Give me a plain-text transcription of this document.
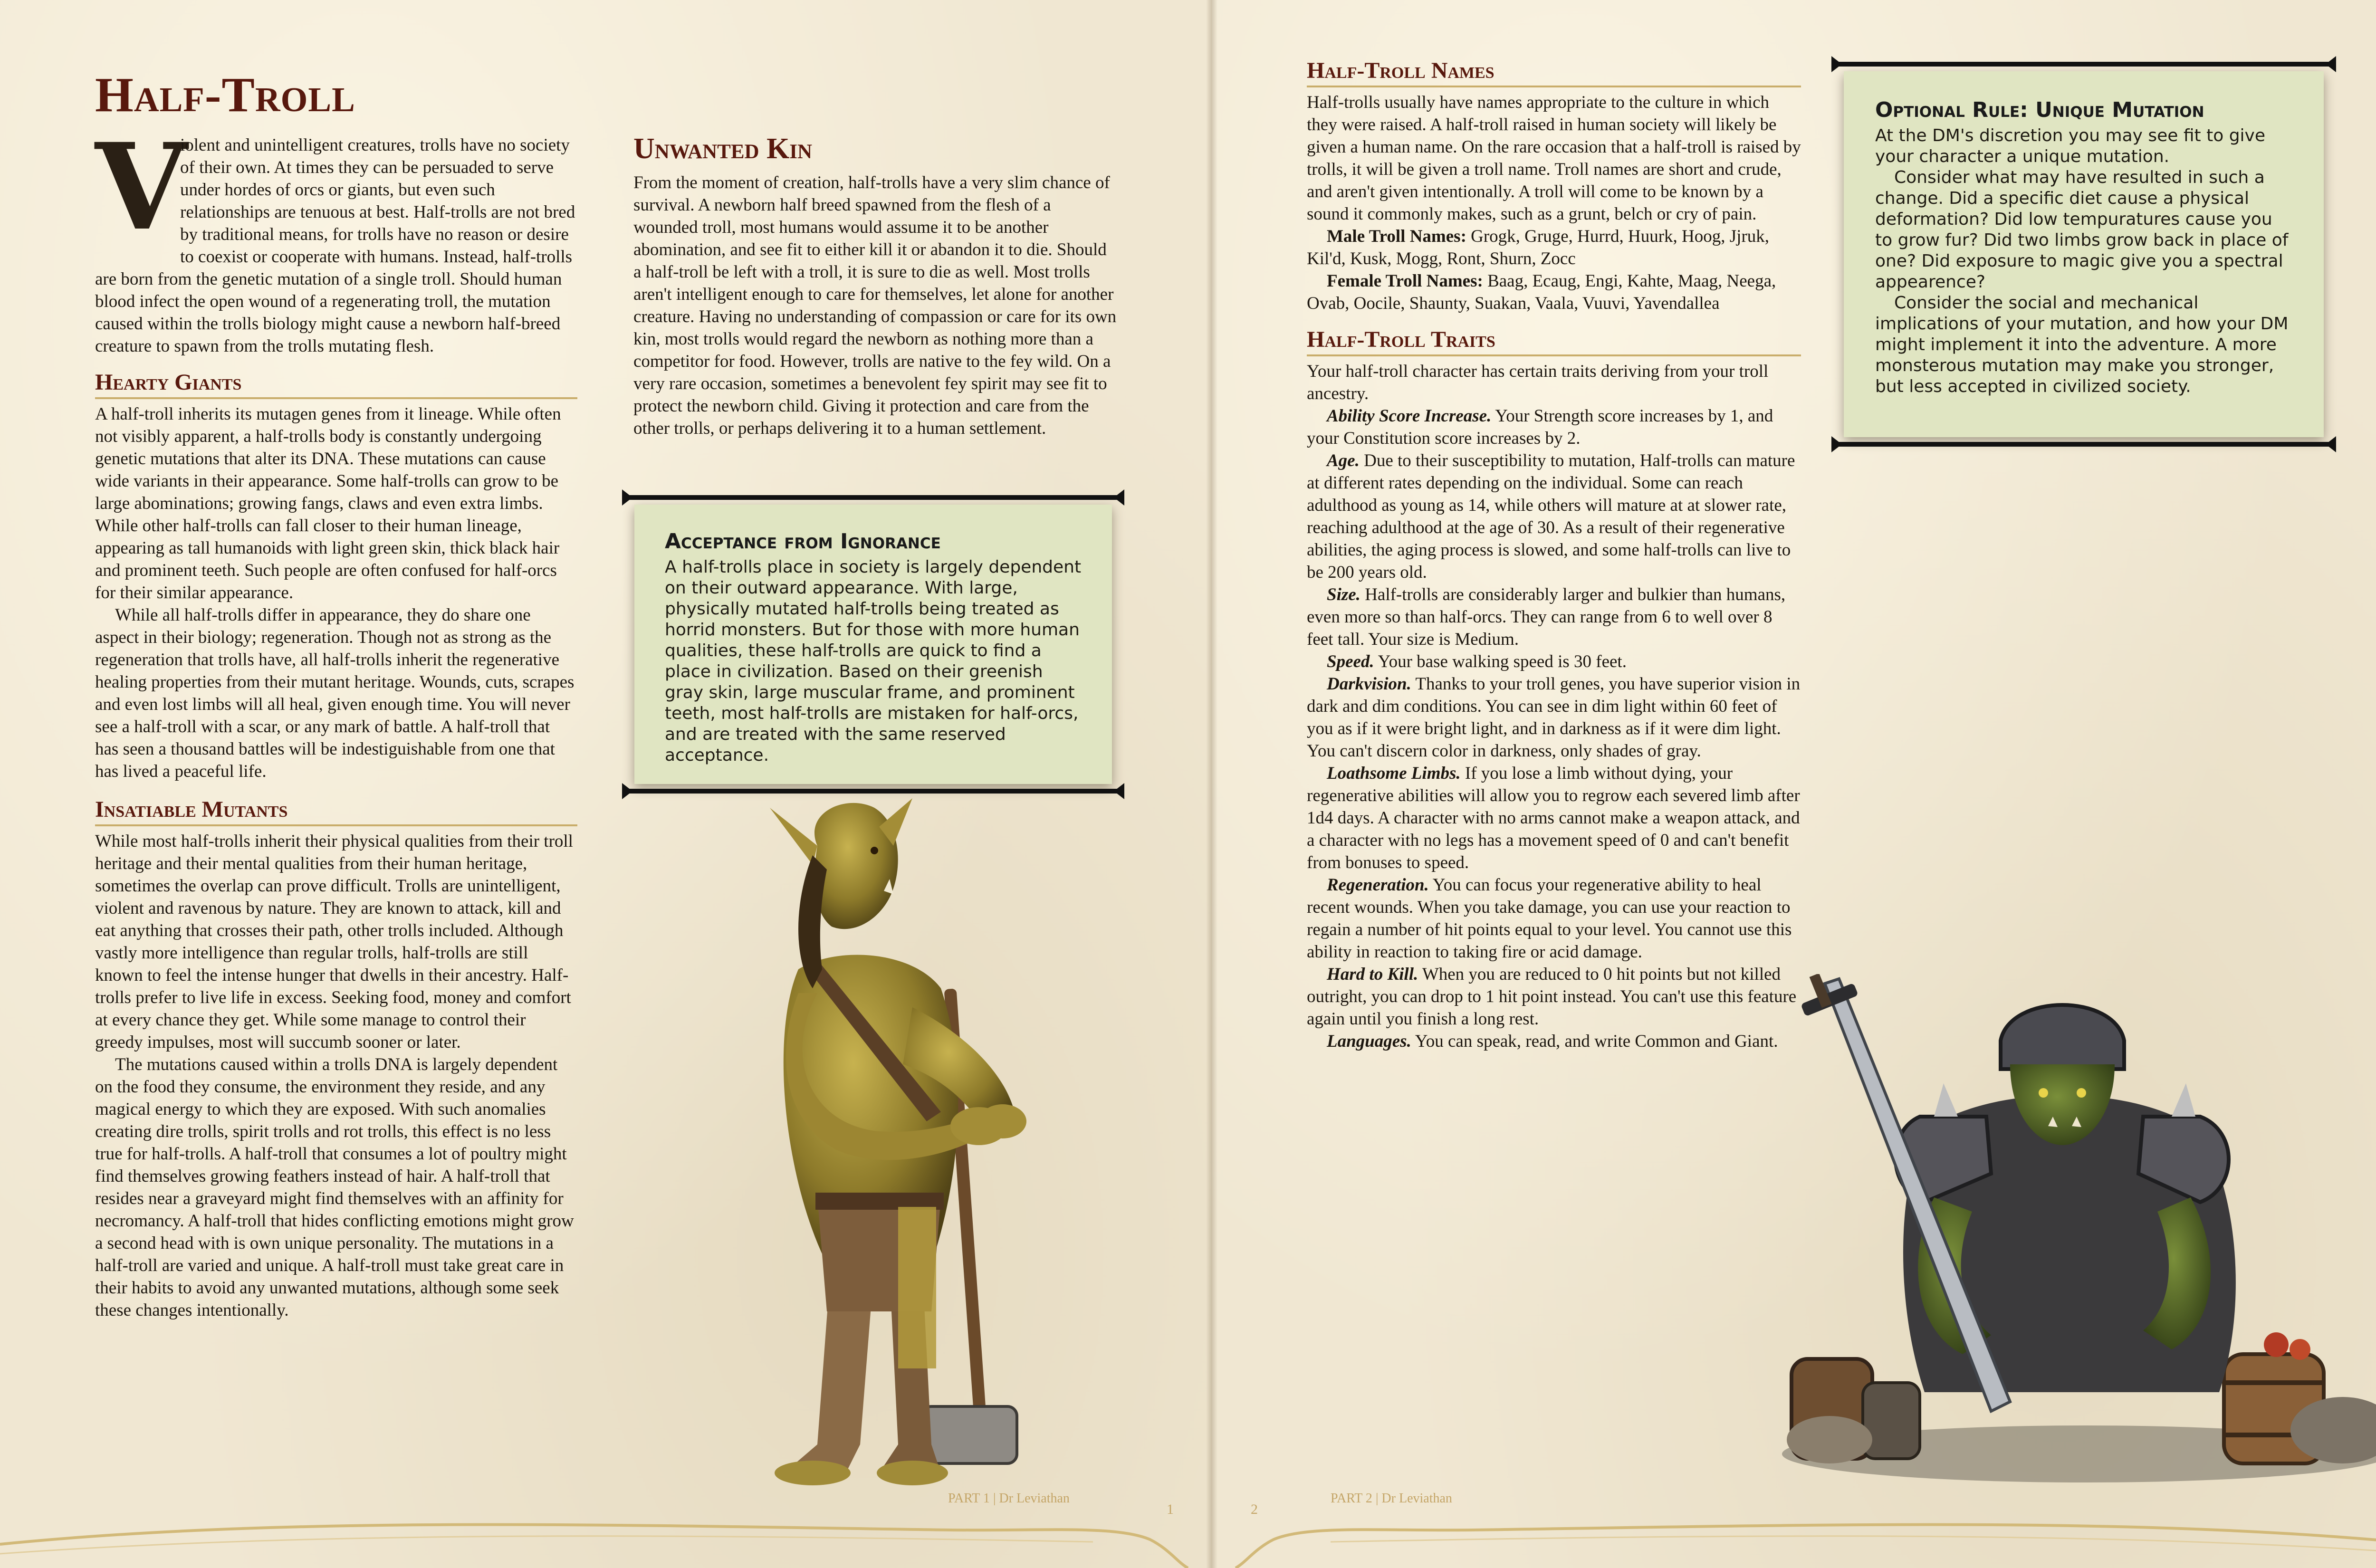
Half-Troll

V
iolent and unintelligent creatures, trolls have no society of their own. At times they can be persuaded to serve under hordes of orcs or giants, but even such relationships are tenuous at best. Half-trolls are not bred by traditional means, for trolls have no reason or desire to coexist or cooperate with humans. Instead, half-trolls are born from the genetic mutation of a single troll. Should human blood infect the open wound of a regenerating troll, the mutation caused within the trolls biology might cause a newborn half-breed creature to spawn from the trolls mutating flesh.

Hearty Giants

A half-troll inherits its mutagen genes from it lineage. While often not visibly apparent, a half-trolls body is constantly undergoing genetic mutations that alter its DNA. These mutations can cause wide variants in their appearance. Some half-trolls can grow to be large abominations; growing fangs, claws and even extra limbs. While other half-trolls can fall closer to their human lineage, appearing as tall humanoids with light green skin, thick black hair and prominent teeth. Such people are often confused for half-orcs for their similar appearance.

While all half-trolls differ in appearance, they do share one aspect in their biology; regeneration. Though not as strong as the regeneration that trolls have, all half-trolls inherit the regenerative healing properties from their mutant heritage. Wounds, cuts, scrapes and even lost limbs will all heal, given enough time. You will never see a half-troll with a scar, or any mark of battle. A half-troll that has seen a thousand battles will be indestiguishable from one that has lived a peaceful life.

Insatiable Mutants

While most half-trolls inherit their physical qualities from their troll heritage and their mental qualities from their human heritage, sometimes the overlap can prove difficult. Trolls are unintelligent, violent and ravenous by nature. They are known to attack, kill and eat anything that crosses their path, other trolls included. Although vastly more intelligence than regular trolls, half-trolls are still known to feel the intense hunger that dwells in their ancestry. Half-trolls prefer to live life in excess. Seeking food, money and comfort at every chance they get. While some manage to control their greedy impulses, most will succumb sooner or later.

The mutations caused within a trolls DNA is largely dependent on the food they consume, the environment they reside, and any magical energy to which they are exposed. With such anomalies creating dire trolls, spirit trolls and rot trolls, this effect is no less true for half-trolls. A half-troll that consumes a lot of poultry might find themselves growing feathers instead of hair. A half-troll that resides near a graveyard might find themselves with an affinity for necromancy. A half-troll that hides conflicting emotions might grow a second head with is own unique personality. The mutations in a half-troll are varied and unique. A half-troll must take great care in their habits to avoid any unwanted mutations, although some seek these changes intentionally.

Unwanted Kin

From the moment of creation, half-trolls have a very slim chance of survival. A newborn half breed spawned from the flesh of a wounded troll, most humans would assume it to be another abomination, and see fit to either kill it or abandon it to die. Should a half-troll be left with a troll, it is sure to die as well. Most trolls aren't intelligent enough to care for themselves, let alone for another creature. Having no understanding of compassion or care for its own kin, most trolls would regard the newborn as nothing more than a competitor for food. However, trolls are native to the fey wild. On a very rare occasion, sometimes a benevolent fey spirit may see fit to protect the newborn child. Giving it protection and care from the other trolls, or perhaps delivering it to a human settlement.

Acceptance from Ignorance

A half-trolls place in society is largely dependent on their outward appearance. With large, physically mutated half-trolls being treated as horrid monsters. But for those with more human qualities, these half-trolls are quick to find a place in civilization. Based on their greenish gray skin, large muscular frame, and prominent teeth, most half-trolls are mistaken for half-orcs, and are treated with the same reserved acceptance.

PART 1 | Dr Leviathan
1
Half-Troll Names

Half-trolls usually have names appropriate to the culture in which they were raised. A half-troll raised in human society will likely be given a human name. On the rare occasion that a half-troll is raised by trolls, it will be given a troll name. Troll names are short and crude, and aren't given intentionally. A troll will come to be known by a sound it commonly makes, such as a grunt, belch or cry of pain.

Male Troll Names: Grogk, Gruge, Hurrd, Huurk, Hoog, Jjruk, Kil'd, Kusk, Mogg, Ront, Shurn, Zocc

Female Troll Names: Baag, Ecaug, Engi, Kahte, Maag, Neega, Ovab, Oocile, Shaunty, Suakan, Vaala, Vuuvi, Yavendallea

Half-Troll Traits

Your half-troll character has certain traits deriving from your troll ancestry.

Ability Score Increase. Your Strength score increases by 1, and your Constitution score increases by 2.

Age. Due to their susceptibility to mutation, Half-trolls can mature at different rates depending on the individual. Some can reach adulthood as young as 14, while others will mature at at slower rate, reaching adulthood at the age of 30. As a result of their regenerative abilities, the aging process is slowed, and some half-trolls can live to be 200 years old.

Size. Half-trolls are considerably larger and bulkier than humans, even more so than half-orcs. They can range from 6 to well over 8 feet tall. Your size is Medium.

Speed. Your base walking speed is 30 feet.

Darkvision. Thanks to your troll genes, you have superior vision in dark and dim conditions. You can see in dim light within 60 feet of you as if it were bright light, and in darkness as if it were dim light. You can't discern color in darkness, only shades of gray.

Loathsome Limbs. If you lose a limb without dying, your regenerative abilities will allow you to regrow each severed limb after 1d4 days. A character with no arms cannot make a weapon attack, and a character with no legs has a movement speed of 0 and can't benefit from bonuses to speed.

Regeneration. You can focus your regenerative ability to heal recent wounds. When you take damage, you can use your reaction to regain a number of hit points equal to your level. You cannot use this ability in reaction to taking fire or acid damage.

Hard to Kill. When you are reduced to 0 hit points but not killed outright, you can drop to 1 hit point instead. You can't use this feature again until you finish a long rest.

Languages. You can speak, read, and write Common and Giant.

Optional Rule: Unique Mutation

At the DM's discretion you may see fit to give your character a unique mutation.

Consider what may have resulted in such a change. Did a specific diet cause a physical deformation? Did low tempuratures cause you to grow fur? Did two limbs grow back in place of one? Did exposure to magic give you a spectral appearence?

Consider the social and mechanical implications of your mutation, and how your DM might implement it into the adventure. A more monsterous mutation may make you stronger, but less accepted in civilized society.

PART 2 | Dr Leviathan
2
